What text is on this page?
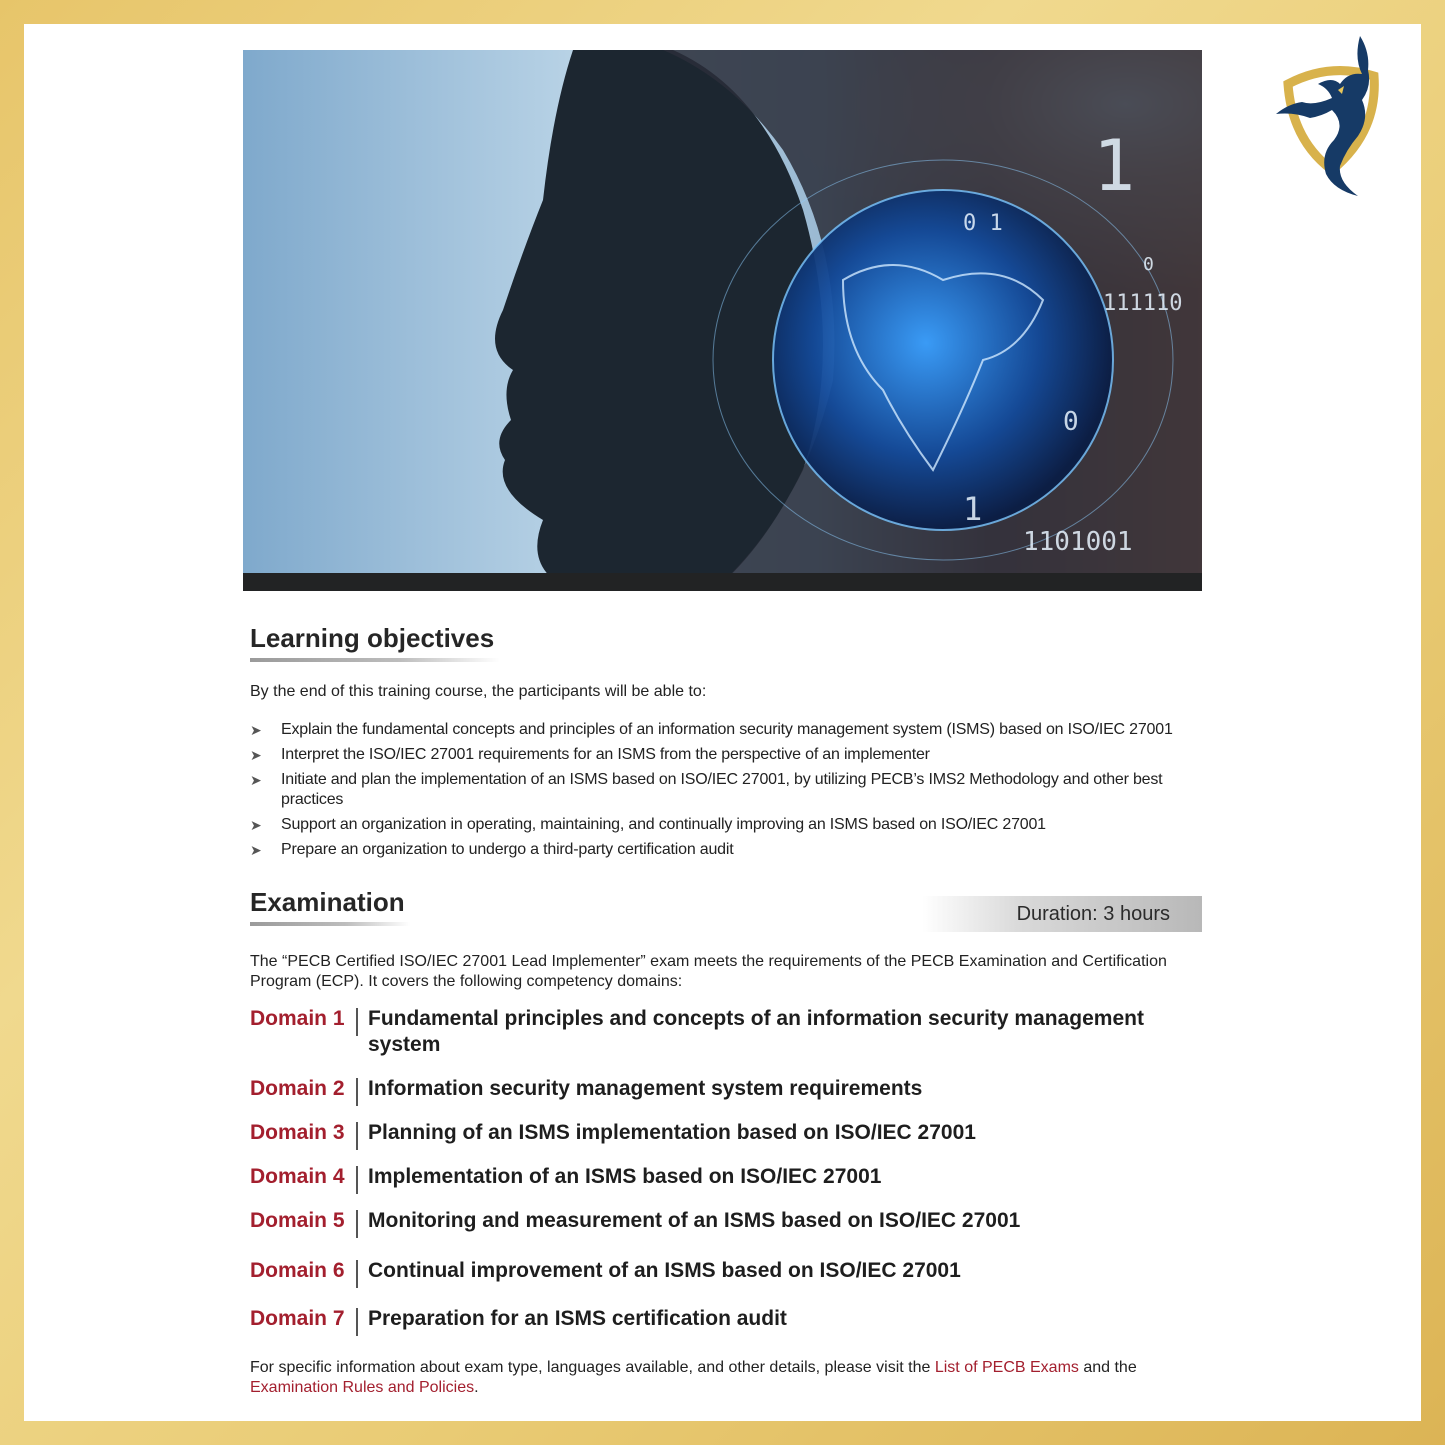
0 1
1
111110
0
1
1101001
0
Learning objectives
By the end of this training course, the participants will be able to:
➤ Explain the fundamental concepts and principles of an information security management system (ISMS) based on ISO/IEC 27001
➤ Interpret the ISO/IEC 27001 requirements for an ISMS from the perspective of an implementer
➤ Initiate and plan the implementation of an ISMS based on ISO/IEC 27001, by utilizing PECB’s IMS2 Methodology and other best practices
➤ Support an organization in operating, maintaining, and continually improving an ISMS based on ISO/IEC 27001
➤ Prepare an organization to undergo a third-party certification audit
Examination	Duration: 3 hours
The “PECB Certified ISO/IEC 27001 Lead Implementer” exam meets the requirements of the PECB Examination and Certification Program (ECP). It covers the following competency domains:
Domain 1	Fundamental principles and concepts of an information security management system
Domain 2	Information security management system requirements
Domain 3	Planning of an ISMS implementation based on ISO/IEC 27001
Domain 4	Implementation of an ISMS based on ISO/IEC 27001
Domain 5	Monitoring and measurement of an ISMS based on ISO/IEC 27001
Domain 6	Continual improvement of an ISMS based on ISO/IEC 27001
Domain 7	Preparation for an ISMS certification audit
For specific information about exam type, languages available, and other details, please visit the List of PECB Exams and the Examination Rules and Policies.
